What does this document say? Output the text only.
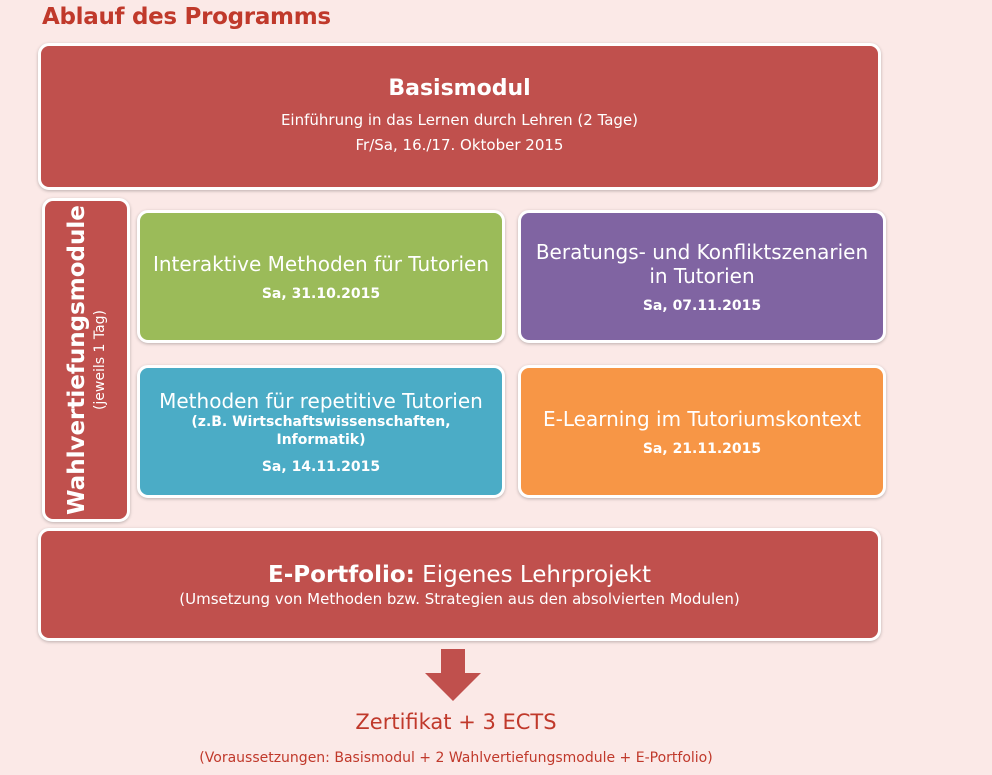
Ablauf des Programms
Basismodul
Einführung in das Lernen durch Lehren (2 Tage)
Fr/Sa, 16./17. Oktober 2015
Wahlvertiefungsmodule (jeweils 1 Tag)
Interaktive Methoden für Tutorien
Sa, 31.10.2015
Beratungs- und Konfliktszenarien
in Tutorien
Sa, 07.11.2015
Methoden für repetitive Tutorien
(z.B. Wirtschaftswissenschaften,
Informatik)
Sa, 14.11.2015
E-Learning im Tutoriumskontext
Sa, 21.11.2015
E-Portfolio: Eigenes Lehrprojekt
(Umsetzung von Methoden bzw. Strategien aus den absolvierten Modulen)
Zertifikat + 3 ECTS
(Voraussetzungen: Basismodul + 2 Wahlvertiefungsmodule + E-Portfolio)
